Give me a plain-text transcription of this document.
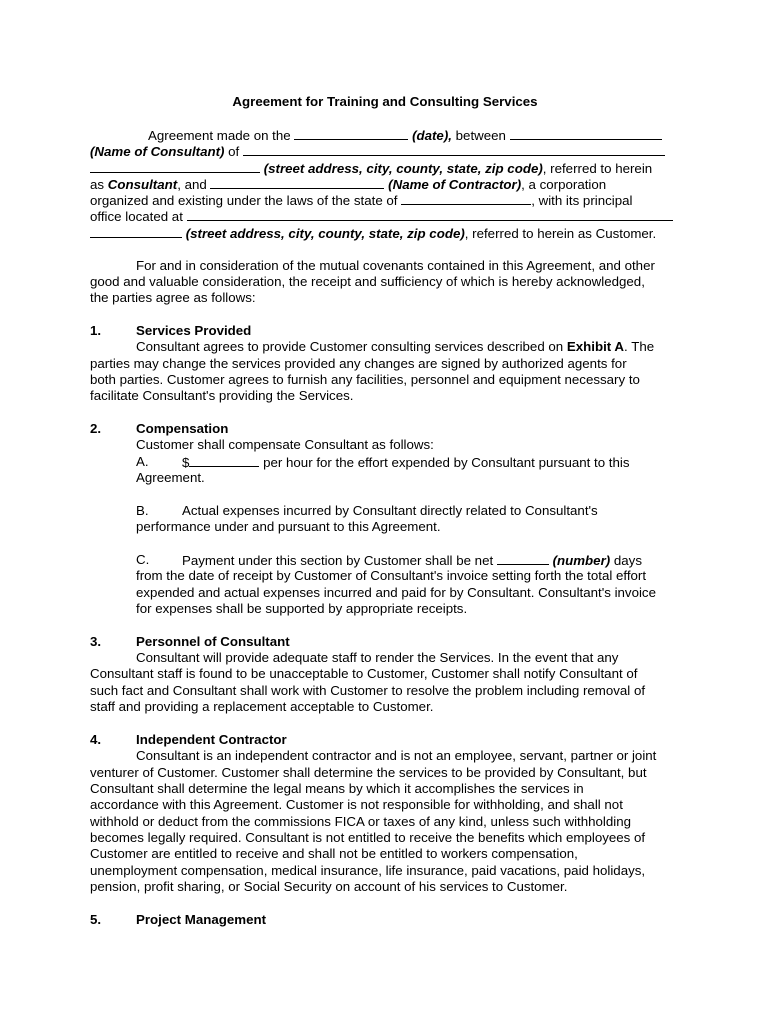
Agreement for Training and Consulting Services
Agreement made on the	(date), between
(Name of Consultant) of
(street address, city, county, state, zip code), referred to herein
as Consultant, and	(Name of Contractor), a corporation
organized and existing under the laws of the state of	, with its principal
office located at
(street address, city, county, state, zip code), referred to herein as Customer.
For and in consideration of the mutual covenants contained in this Agreement, and other
good and valuable consideration, the receipt and sufficiency of which is hereby acknowledged,
the parties agree as follows:
1.	Services Provided
Consultant agrees to provide Customer consulting services described on Exhibit A. The
parties may change the services provided any changes are signed by authorized agents for
both parties. Customer agrees to furnish any facilities, personnel and equipment necessary to
facilitate Consultant's providing the Services.
2.	Compensation
Customer shall compensate Consultant as follows:
A.	$	per hour for the effort expended by Consultant pursuant to this
Agreement.
B.	Actual expenses incurred by Consultant directly related to Consultant's
performance under and pursuant to this Agreement.
C. Payment under this section by Customer shall be net	(number) days
from the date of receipt by Customer of Consultant's invoice setting forth the total effort
expended and actual expenses incurred and paid for by Consultant. Consultant's invoice
for expenses shall be supported by appropriate receipts.
3.	Personnel of Consultant
Consultant will provide adequate staff to render the Services. In the event that any
Consultant staff is found to be unacceptable to Customer, Customer shall notify Consultant of
such fact and Consultant shall work with Customer to resolve the problem including removal of
staff and providing a replacement acceptable to Customer.
4.	Independent Contractor
Consultant is an independent contractor and is not an employee, servant, partner or joint
venturer of Customer. Customer shall determine the services to be provided by Consultant, but
Consultant shall determine the legal means by which it accomplishes the services in
accordance with this Agreement. Customer is not responsible for withholding, and shall not
withhold or deduct from the commissions FICA or taxes of any kind, unless such withholding
becomes legally required. Consultant is not entitled to receive the benefits which employees of
Customer are entitled to receive and shall not be entitled to workers compensation,
unemployment compensation, medical insurance, life insurance, paid vacations, paid holidays,
pension, profit sharing, or Social Security on account of his services to Customer.
5.	Project Management
